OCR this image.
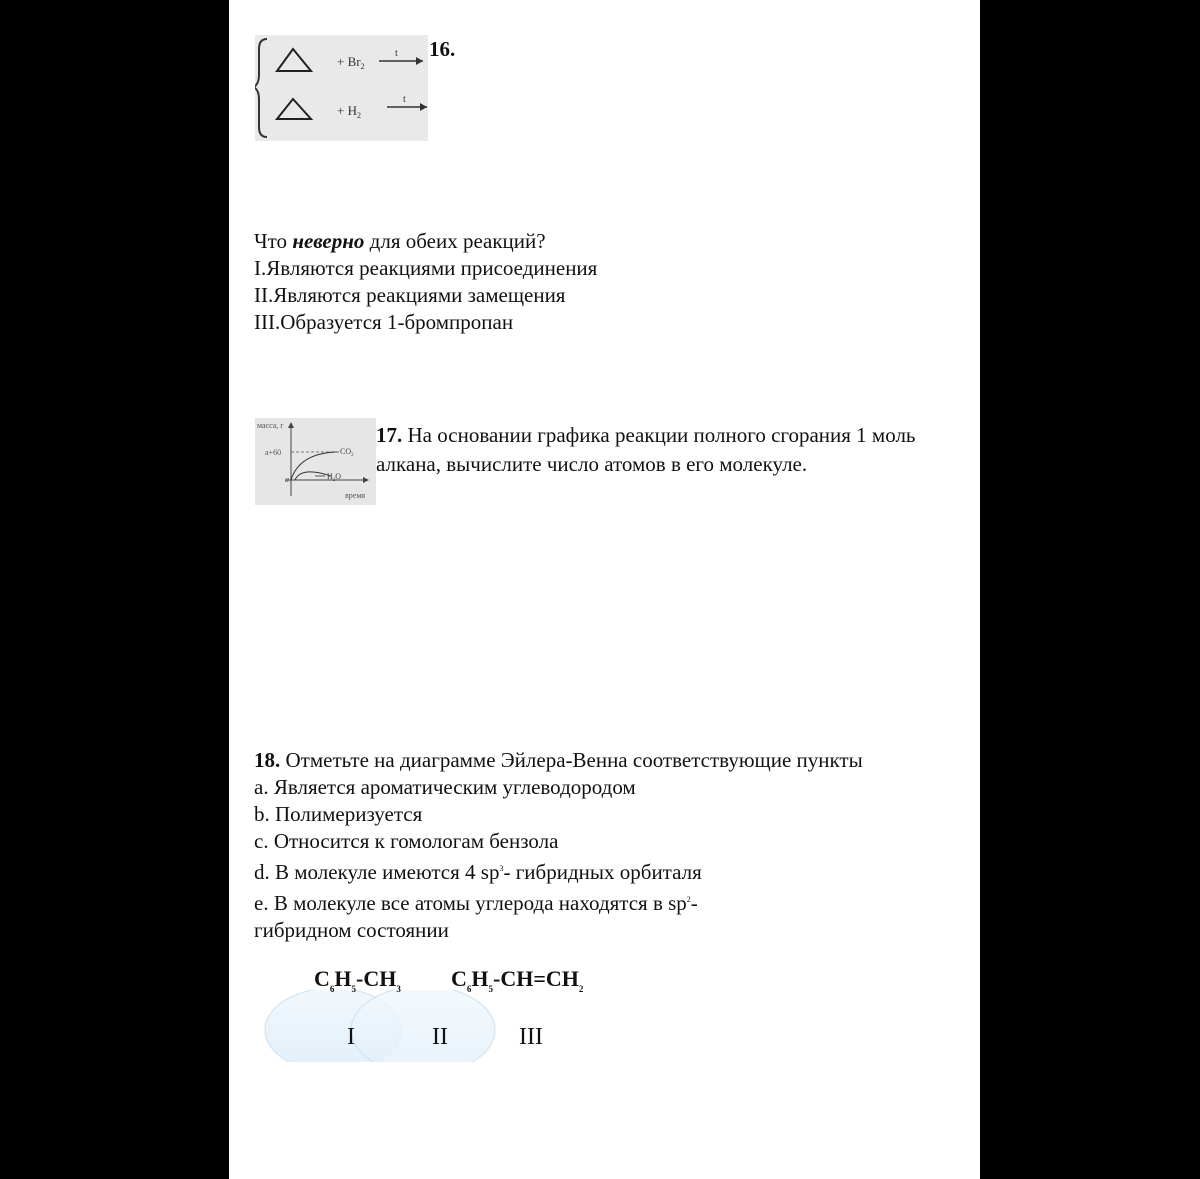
+ $Br_2$
t
+ $H_2$
t
16.
Что неверно для обеих реакций?
I.Являются реакциями присоединения
II.Являются реакциями замещения
III.Образуется 1-бромпропан
масса, г
a+60
a
$CO_2$
$H_2O$
время
17. На основании графика реакции полного сгорания 1 моль
алкана, вычислите число атомов в его молекуле.
18. Отметьте на диаграмме Эйлера-Венна соответствующие пункты
a. Является ароматическим углеводородом
b. Полимеризуется
c. Относится к гомологам бензола
d. В молекуле имеются 4 $sp^3-$ гибридных орбиталя
e. В молекуле все атомы углерода находятся в $sp^2-$
гибридном состоянии
$C_6H_5-CH_3$ $C_6H_5-CH=CH_2$
I	II	III
